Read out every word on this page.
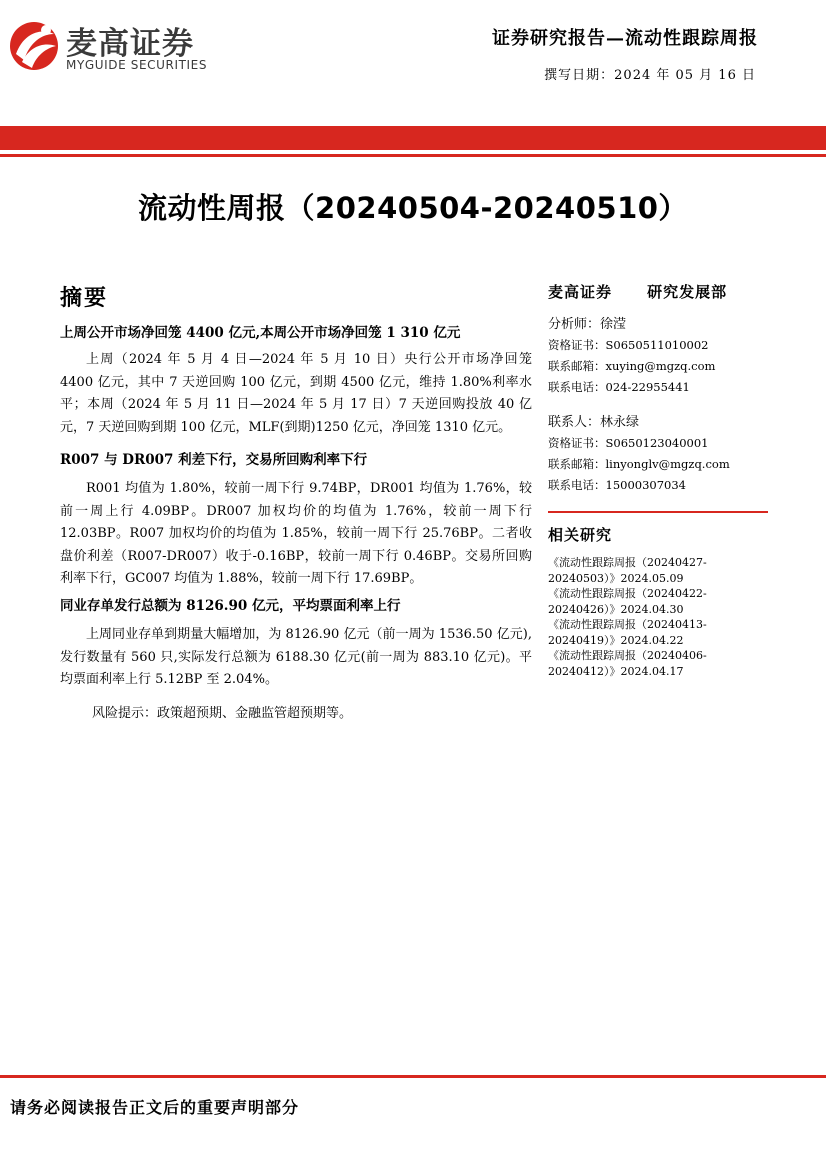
麦高证券
MYGUIDE SECURITIES
证券研究报告—流动性跟踪周报
撰写日期：2024 年 05 月 16 日
流动性周报（20240504-20240510）
摘要
上周公开市场净回笼 4400 亿元,本周公开市场净回笼 1 310 亿元

上周（2024 年 5 月 4 日—2024 年 5 月 10 日）央行公开市场净回笼 4400 亿元，其中 7 天逆回购 100 亿元，到期 4500 亿元，维持 1.80%利率水平；本周（2024 年 5 月 11 日—2024 年 5 月 17 日）7 天逆回购投放 40 亿元，7 天逆回购到期 100 亿元，MLF(到期)1250 亿元，净回笼 1310 亿元。

R007 与 DR007 利差下行，交易所回购利率下行

R001 均值为 1.80%，较前一周下行 9.74BP，DR001 均值为 1.76%，较前一周上行 4.09BP。DR007 加权均价的均值为 1.76%，较前一周下行 12.03BP。R007 加权均价的均值为 1.85%，较前一周下行 25.76BP。二者收盘价利差（R007-DR007）收于-0.16BP，较前一周下行 0.46BP。交易所回购利率下行，GC007 均值为 1.88%，较前一周下行 17.69BP。

同业存单发行总额为 8126.90 亿元，平均票面利率上行

上周同业存单到期量大幅增加，为 8126.90 亿元（前一周为 1536.50 亿元),发行数量有 560 只,实际发行总额为 6188.30 亿元(前一周为 883.10 亿元)。平均票面利率上行 5.12BP 至 2.04%。

风险提示：政策超预期、金融监管超预期等。
麦高证券 研究发展部
分析师：徐滢
资格证书：S0650511010002
联系邮箱：xuying@mgzq.com
联系电话：024-22955441
联系人：林永绿
资格证书：S0650123040001
联系邮箱：linyonglv@mgzq.com
联系电话：15000307034
相关研究
《流动性跟踪周报（20240427-
20240503）》2024.05.09
《流动性跟踪周报（20240422-
20240426）》2024.04.30
《流动性跟踪周报（20240413-
20240419）》2024.04.22
《流动性跟踪周报（20240406-
20240412）》2024.04.17
请务必阅读报告正文后的重要声明部分
